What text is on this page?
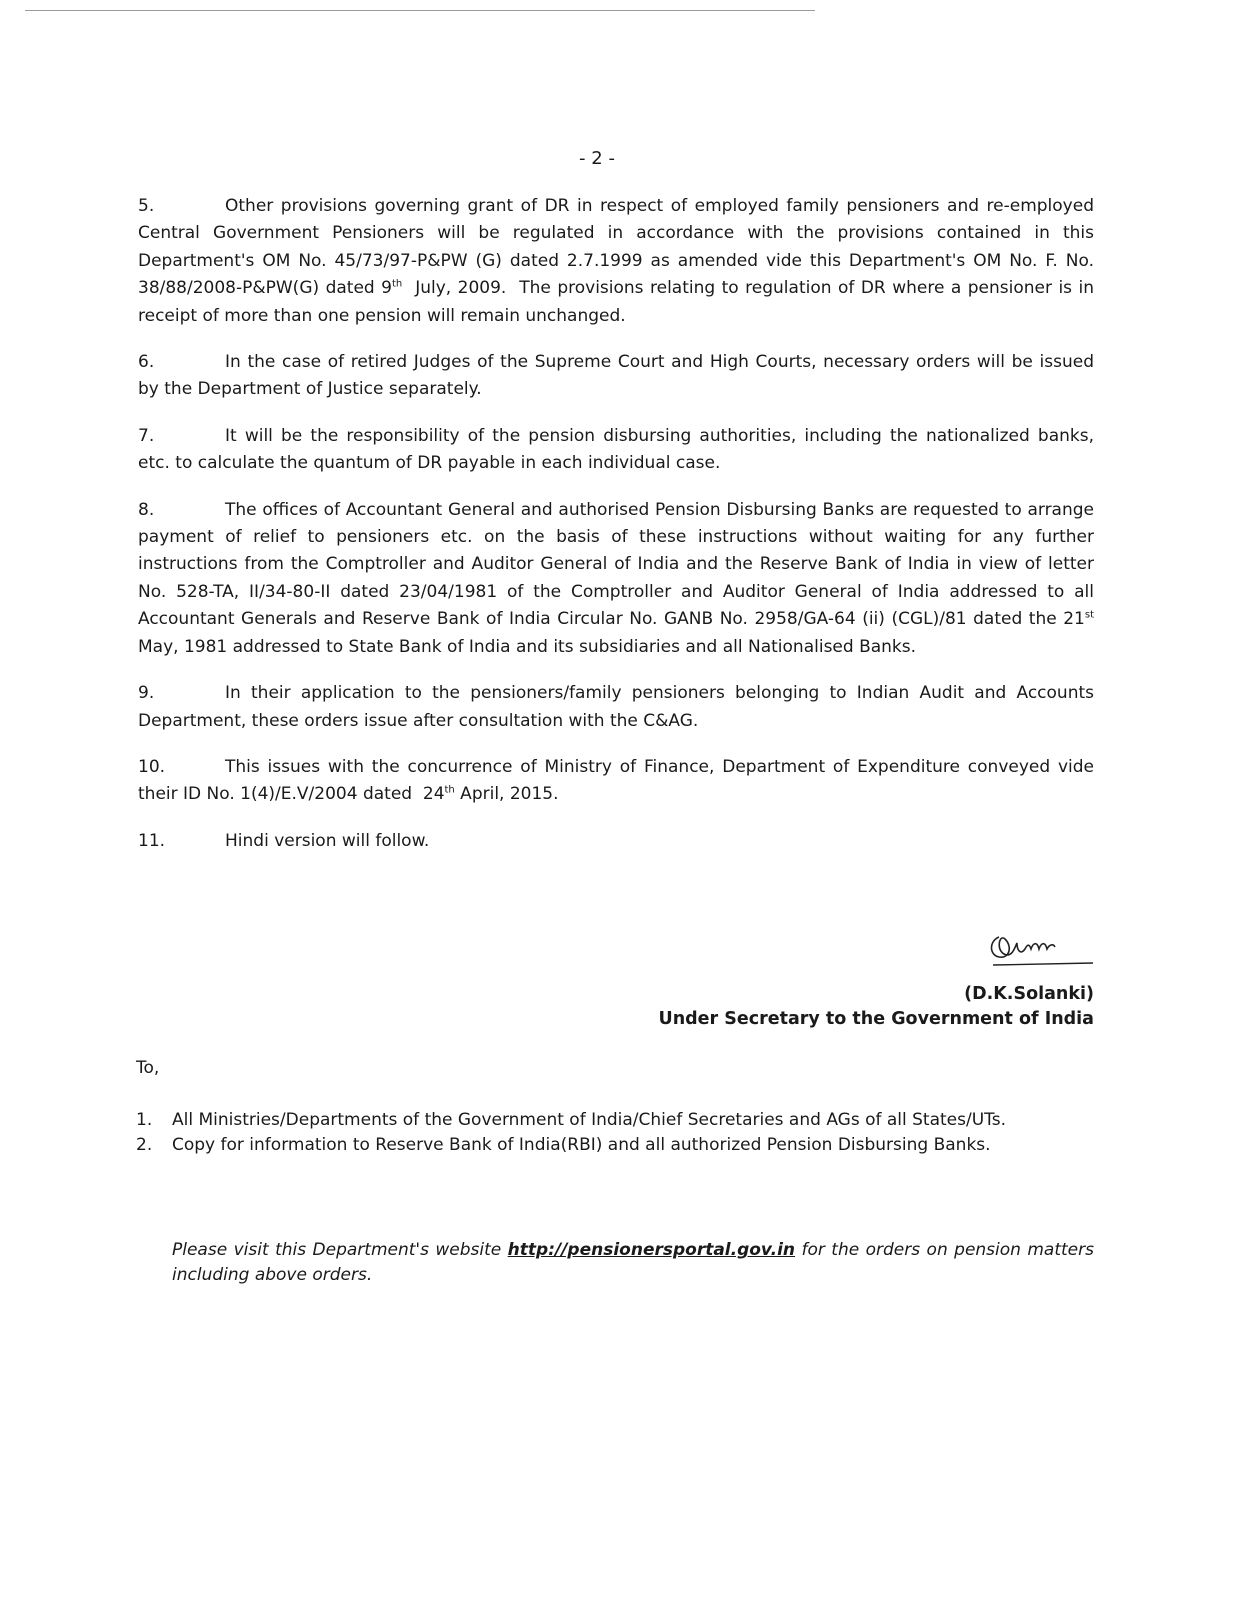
- 2 -

5.	Other provisions governing grant of DR in respect of employed family pensioners and re-employed Central Government Pensioners will be regulated in accordance with the provisions contained in this Department's OM No. 45/73/97-P&PW (G) dated 2.7.1999 as amended vide this Department's OM No. F. No. 38/88/2008-P&PW(G) dated 9th  July, 2009.  The provisions relating to regulation of DR where a pensioner is in receipt of more than one pension will remain unchanged.

6.	In the case of retired Judges of the Supreme Court and High Courts, necessary orders will be issued by the Department of Justice separately.

7.	It will be the responsibility of the pension disbursing authorities, including the nationalized banks, etc. to calculate the quantum of DR payable in each individual case.

8.	The offices of Accountant General and authorised Pension Disbursing Banks are requested to arrange payment of relief to pensioners etc. on the basis of these instructions without waiting for any further instructions from the Comptroller and Auditor General of India and the Reserve Bank of India in view of letter No. 528-TA, II/34-80-II dated 23/04/1981 of the Comptroller and Auditor General of India addressed to all Accountant Generals and Reserve Bank of India Circular No. GANB No. 2958/GA-64 (ii) (CGL)/81 dated the 21st May, 1981 addressed to State Bank of India and its subsidiaries and all Nationalised Banks.

9.	In their application to the pensioners/family pensioners belonging to Indian Audit and Accounts Department, these orders issue after consultation with the C&AG.

10.	This issues with the concurrence of Ministry of Finance, Department of Expenditure conveyed vide their ID No. 1(4)/E.V/2004 dated  24th April, 2015.

11.	Hindi version will follow.

(D.K.Solanki)
Under Secretary to the Government of India
To,
1.	All Ministries/Departments of the Government of India/Chief Secretaries and AGs of all States/UTs.
2.	Copy for information to Reserve Bank of India(RBI) and all authorized Pension Disbursing Banks.
Please visit this Department's website http://pensionersportal.gov.in for the orders on pension matters including above orders.
